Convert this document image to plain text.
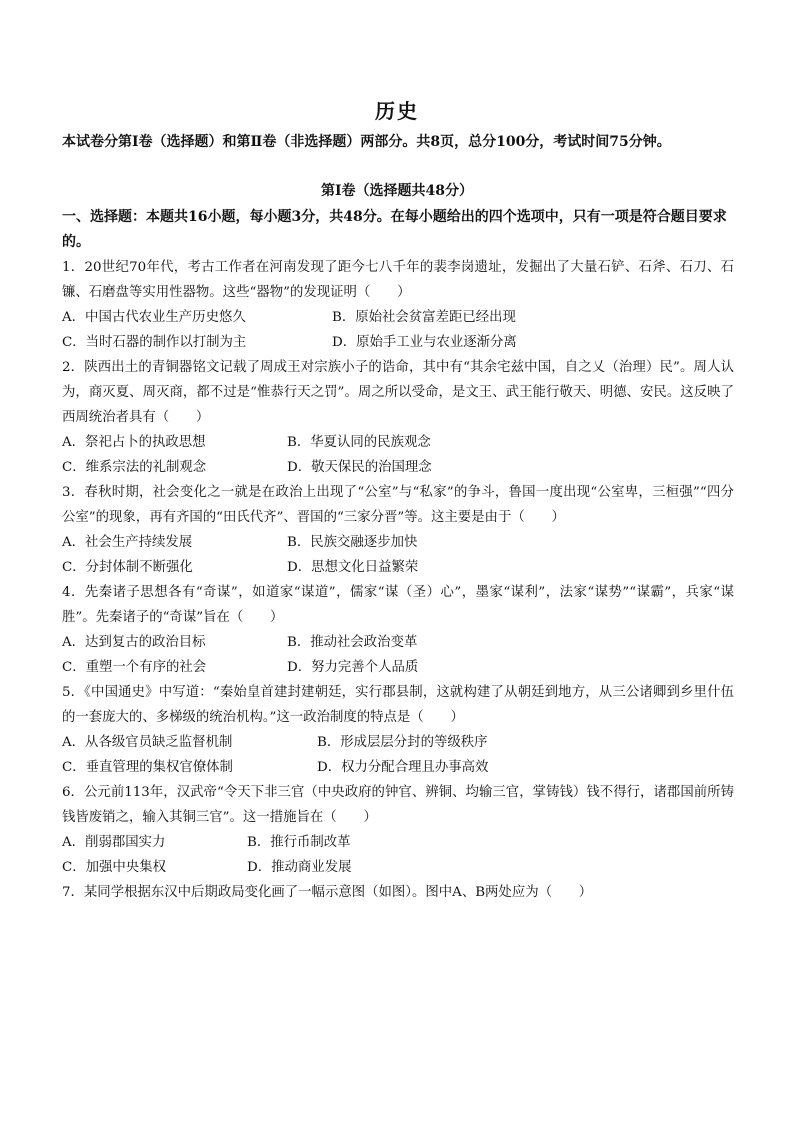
历史
本试卷分第Ⅰ卷（选择题）和第Ⅱ卷（非选择题）两部分。共8页，总分100分，考试时间75分钟。
第Ⅰ卷（选择题共48分）
一、选择题：本题共16小题，每小题3分，共48分。在每小题给出的四个选项中，只有一项是符合题目要求的。

1．20世纪70年代，考古工作者在河南发现了距今七八千年的裴李岗遗址，发掘出了大量石铲、石斧、石刀、石镰、石磨盘等实用性器物。这些“器物”的发现证明（　　）

A．中国古代农业生产历史悠久	B．原始社会贫富差距已经出现
C．当时石器的制作以打制为主	D．原始手工业与农业逐渐分离

2．陕西出土的青铜器铭文记载了周成王对宗族小子的诰命，其中有“其余宅兹中国，自之乂（治理）民”。周人认为，商灭夏、周灭商，都不过是“惟恭行天之罚”。周之所以受命，是文王、武王能行敬天、明德、安民。这反映了西周统治者具有（　　）

A．祭祀占卜的执政思想	B．华夏认同的民族观念
C．维系宗法的礼制观念	D．敬天保民的治国理念

3．春秋时期，社会变化之一就是在政治上出现了“公室”与“私家”的争斗，鲁国一度出现“公室卑，三桓强”“四分公室”的现象，再有齐国的“田氏代齐”、晋国的“三家分晋”等。这主要是由于（　　）

A．社会生产持续发展	B．民族交融逐步加快
C．分封体制不断强化	D．思想文化日益繁荣

4．先秦诸子思想各有“奇谋”，如道家“谋道”，儒家“谋（圣）心”，墨家“谋利”，法家“谋势”“谋霸”，兵家“谋胜”。先秦诸子的“奇谋”旨在（　　）

A．达到复古的政治目标	B．推动社会政治变革
C．重塑一个有序的社会	D．努力完善个人品质

5．《中国通史》中写道：“秦始皇首建封建朝廷，实行郡县制，这就构建了从朝廷到地方，从三公诸卿到乡里什伍的一套庞大的、多梯级的统治机构。”这一政治制度的特点是（　　）

A．从各级官员缺乏监督机制	B．形成层层分封的等级秩序
C．垂直管理的集权官僚体制	D．权力分配合理且办事高效

6．公元前113年，汉武帝“令天下非三官（中央政府的钟官、辨铜、均输三官，掌铸钱）钱不得行，诸郡国前所铸钱皆废销之，输入其铜三官”。这一措施旨在（　　）

A．削弱郡国实力	B．推行币制改革
C．加强中央集权	D．推动商业发展

7．某同学根据东汉中后期政局变化画了一幅示意图（如图）。图中A、B两处应为（　　）
